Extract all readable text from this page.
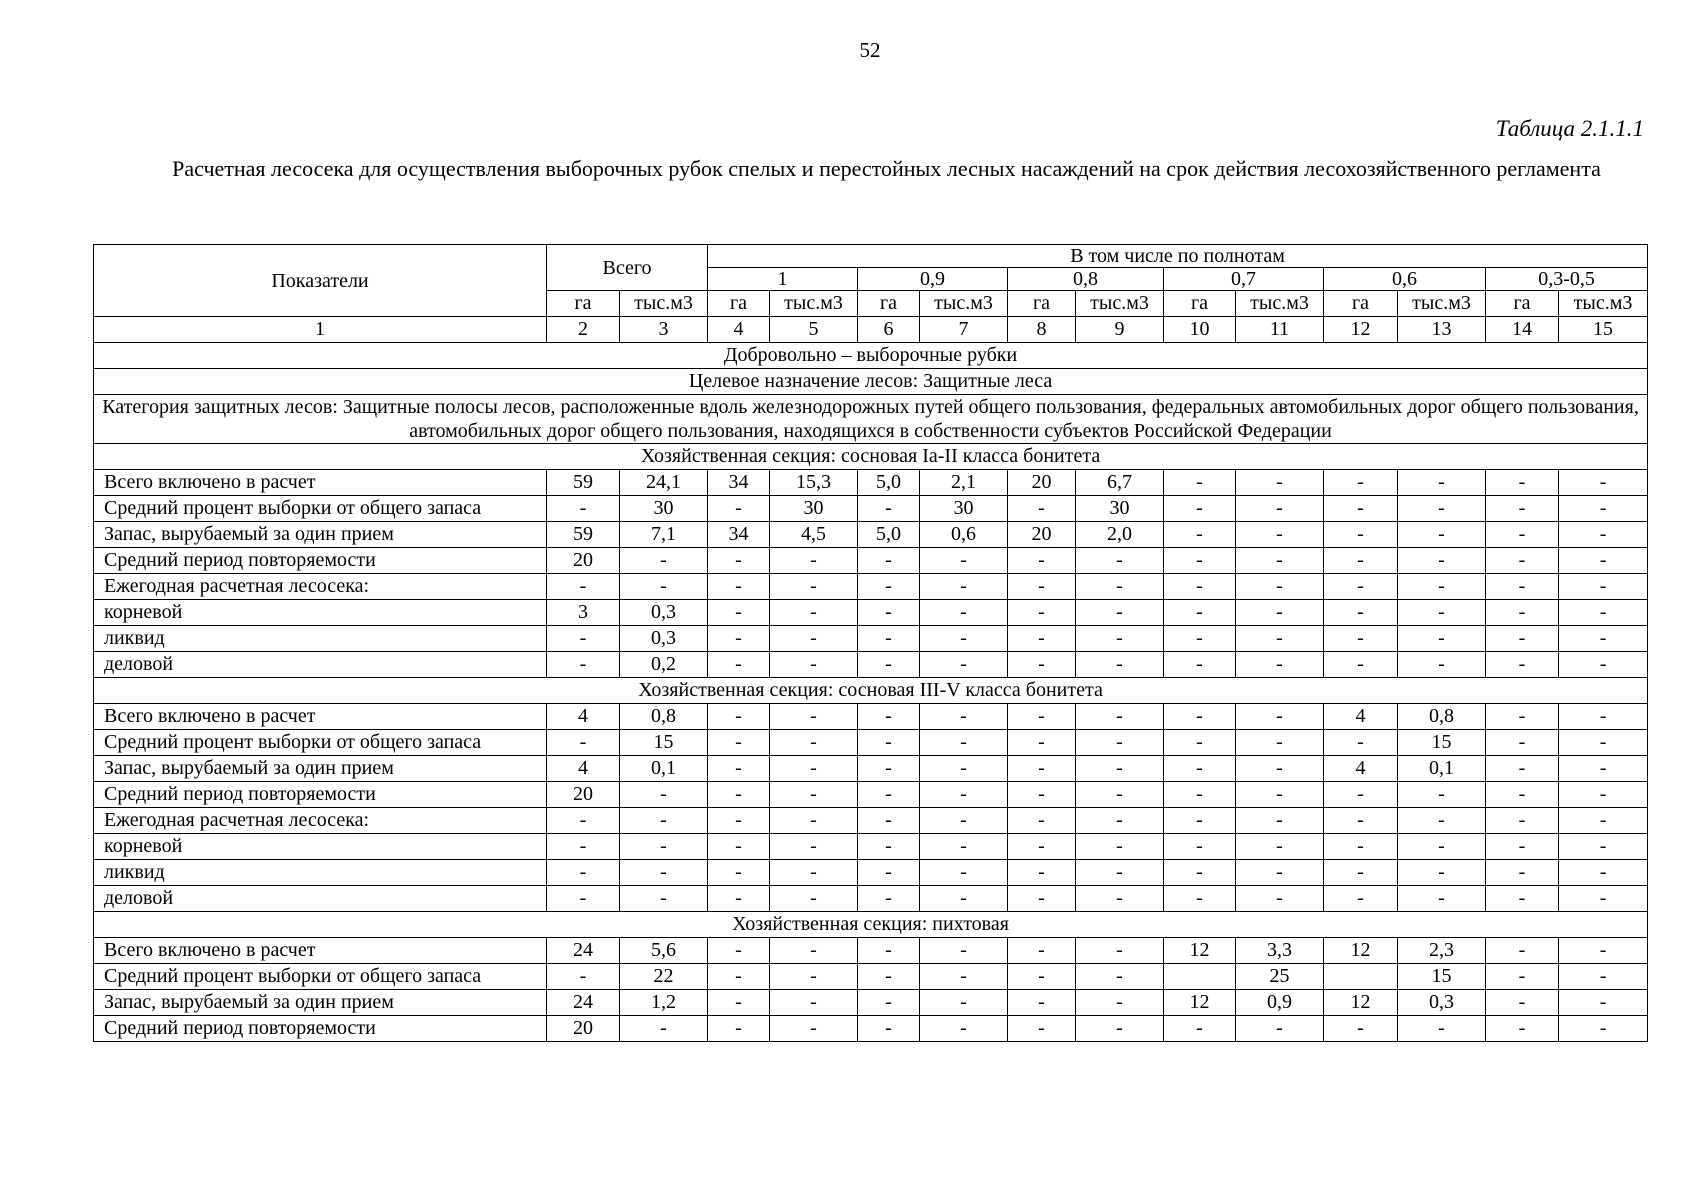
52
Таблица 2.1.1.1
Расчетная лесосека для осуществления выборочных рубок спелых и перестойных лесных насаждений на срок действия лесохозяйственного регламента
Показатели	Всего		В том числе по полнотам											
			1		0,9		0,8		0,7		0,6		0,3-0,5	
	га	тыс.м3	га	тыс.м3	га	тыс.м3	га	тыс.м3	га	тыс.м3	га	тыс.м3	га	тыс.м3
1	2	3	4	5	6	7	8	9	10	11	12	13	14	15
Добровольно – выборочные рубки														
Целевое назначение лесов: Защитные леса														
Категория защитных лесов: Защитные полосы лесов, расположенные вдоль железнодорожных путей общего пользования, федеральных автомобильных дорог общего пользования, автомобильных дорог общего пользования, находящихся в собственности субъектов Российской Федерации														
Хозяйственная секция: сосновая Ia-II класса бонитета														
Всего включено в расчет	59	24,1	34	15,3	5,0	2,1	20	6,7	-	-	-	-	-	-
Средний процент выборки от общего запаса	-	30	-	30	-	30	-	30	-	-	-	-	-	-
Запас, вырубаемый за один прием	59	7,1	34	4,5	5,0	0,6	20	2,0	-	-	-	-	-	-
Средний период повторяемости	20	-	-	-	-	-	-	-	-	-	-	-	-	-
Ежегодная расчетная лесосека:	-	-	-	-	-	-	-	-	-	-	-	-	-	-
корневой	3	0,3	-	-	-	-	-	-	-	-	-	-	-	-
ликвид	-	0,3	-	-	-	-	-	-	-	-	-	-	-	-
деловой	-	0,2	-	-	-	-	-	-	-	-	-	-	-	-
Хозяйственная секция: сосновая III-V класса бонитета														
Всего включено в расчет	4	0,8	-	-	-	-	-	-	-	-	4	0,8	-	-
Средний процент выборки от общего запаса	-	15	-	-	-	-	-	-	-	-	-	15	-	-
Запас, вырубаемый за один прием	4	0,1	-	-	-	-	-	-	-	-	4	0,1	-	-
Средний период повторяемости	20	-	-	-	-	-	-	-	-	-	-	-	-	-
Ежегодная расчетная лесосека:	-	-	-	-	-	-	-	-	-	-	-	-	-	-
корневой	-	-	-	-	-	-	-	-	-	-	-	-	-	-
ликвид	-	-	-	-	-	-	-	-	-	-	-	-	-	-
деловой	-	-	-	-	-	-	-	-	-	-	-	-	-	-
Хозяйственная секция: пихтовая														
Всего включено в расчет	24	5,6	-	-	-	-	-	-	12	3,3	12	2,3	-	-
Средний процент выборки от общего запаса	-	22	-	-	-	-	-	-		25		15	-	-
Запас, вырубаемый за один прием	24	1,2	-	-	-	-	-	-	12	0,9	12	0,3	-	-
Средний период повторяемости	20	-	-	-	-	-	-	-	-	-	-	-	-	-
